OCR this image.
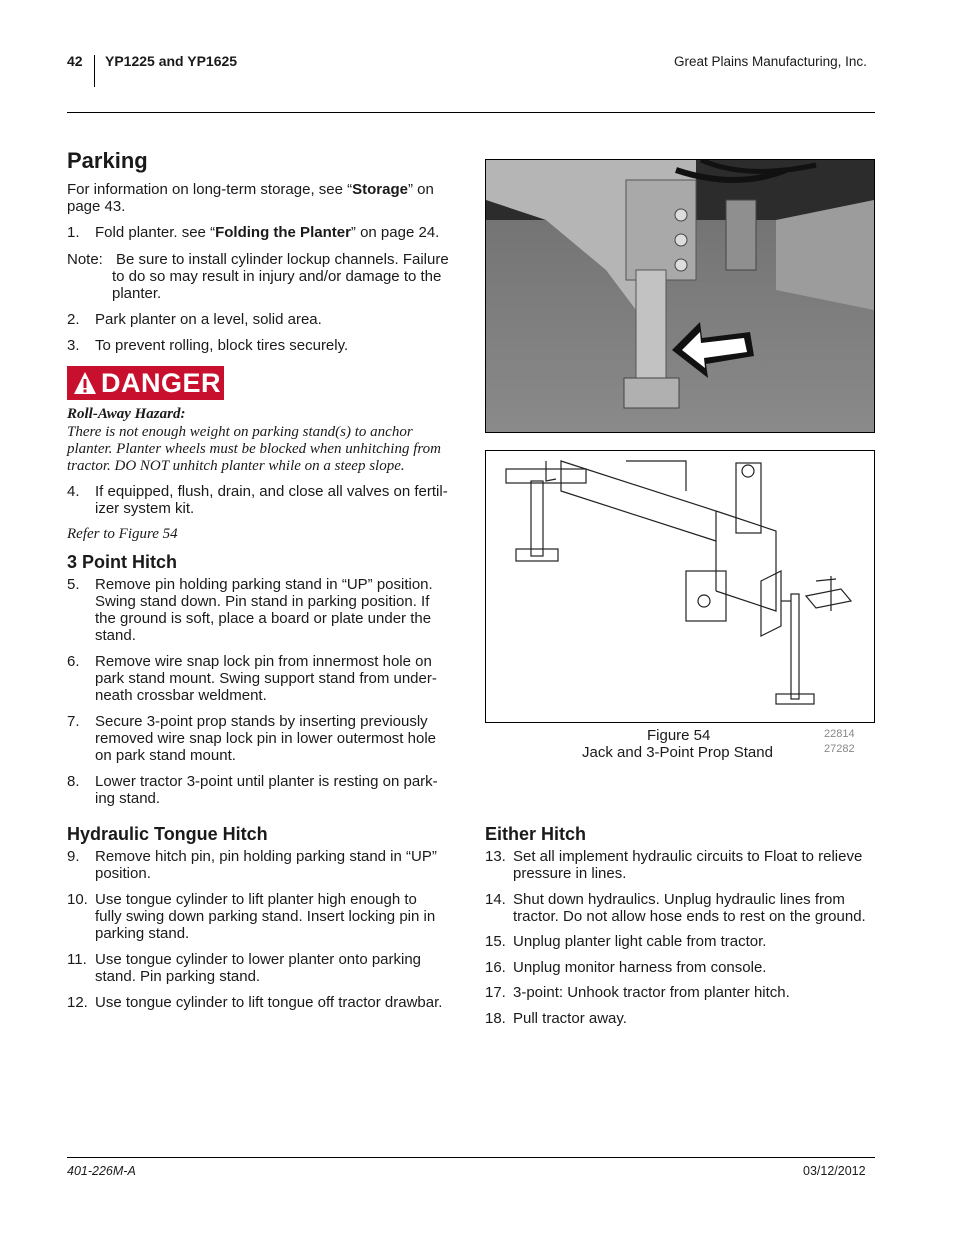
42 YP1225 and YP1625	Great Plains Manufacturing, Inc.
Parking
For information on long-term storage, see “Storage” on
page 43.
1. Fold planter. see “Folding the Planter” on page 24.
Note: Be sure to install cylinder lockup channels. Failure
to do so may result in injury and/or damage to the
planter.
2. Park planter on a level, solid area.
3. To prevent rolling, block tires securely.
DANGER
Roll-Away Hazard:
There is not enough weight on parking stand(s) to anchor
planter. Planter wheels must be blocked when unhitching from
tractor. DO NOT unhitch planter while on a steep slope.
4. If equipped, flush, drain, and close all valves on fertil-
izer system kit.
Refer to Figure 54
3 Point Hitch
5. Remove pin holding parking stand in “UP” position.
Swing stand down. Pin stand in parking position. If
the ground is soft, place a board or plate under the
stand.
6. Remove wire snap lock pin from innermost hole on
park stand mount. Swing support stand from under-
neath crossbar weldment.
7. Secure 3-point prop stands by inserting previously
removed wire snap lock pin in lower outermost hole
on park stand mount.
8. Lower tractor 3-point until planter is resting on park-
ing stand.
Hydraulic Tongue Hitch
9. Remove hitch pin, pin holding parking stand in “UP”
position.
10. Use tongue cylinder to lift planter high enough to
fully swing down parking stand. Insert locking pin in
parking stand.
11. Use tongue cylinder to lower planter onto parking
stand. Pin parking stand.
12. Use tongue cylinder to lift tongue off tractor drawbar.
Figure 54
Jack and 3-Point Prop Stand
22814
27282
Either Hitch
13. Set all implement hydraulic circuits to Float to relieve
pressure in lines.
14. Shut down hydraulics. Unplug hydraulic lines from
tractor. Do not allow hose ends to rest on the ground.
15. Unplug planter light cable from tractor.
16. Unplug monitor harness from console.
17. 3-point: Unhook tractor from planter hitch.
18. Pull tractor away.
401-226M-A	03/12/2012
